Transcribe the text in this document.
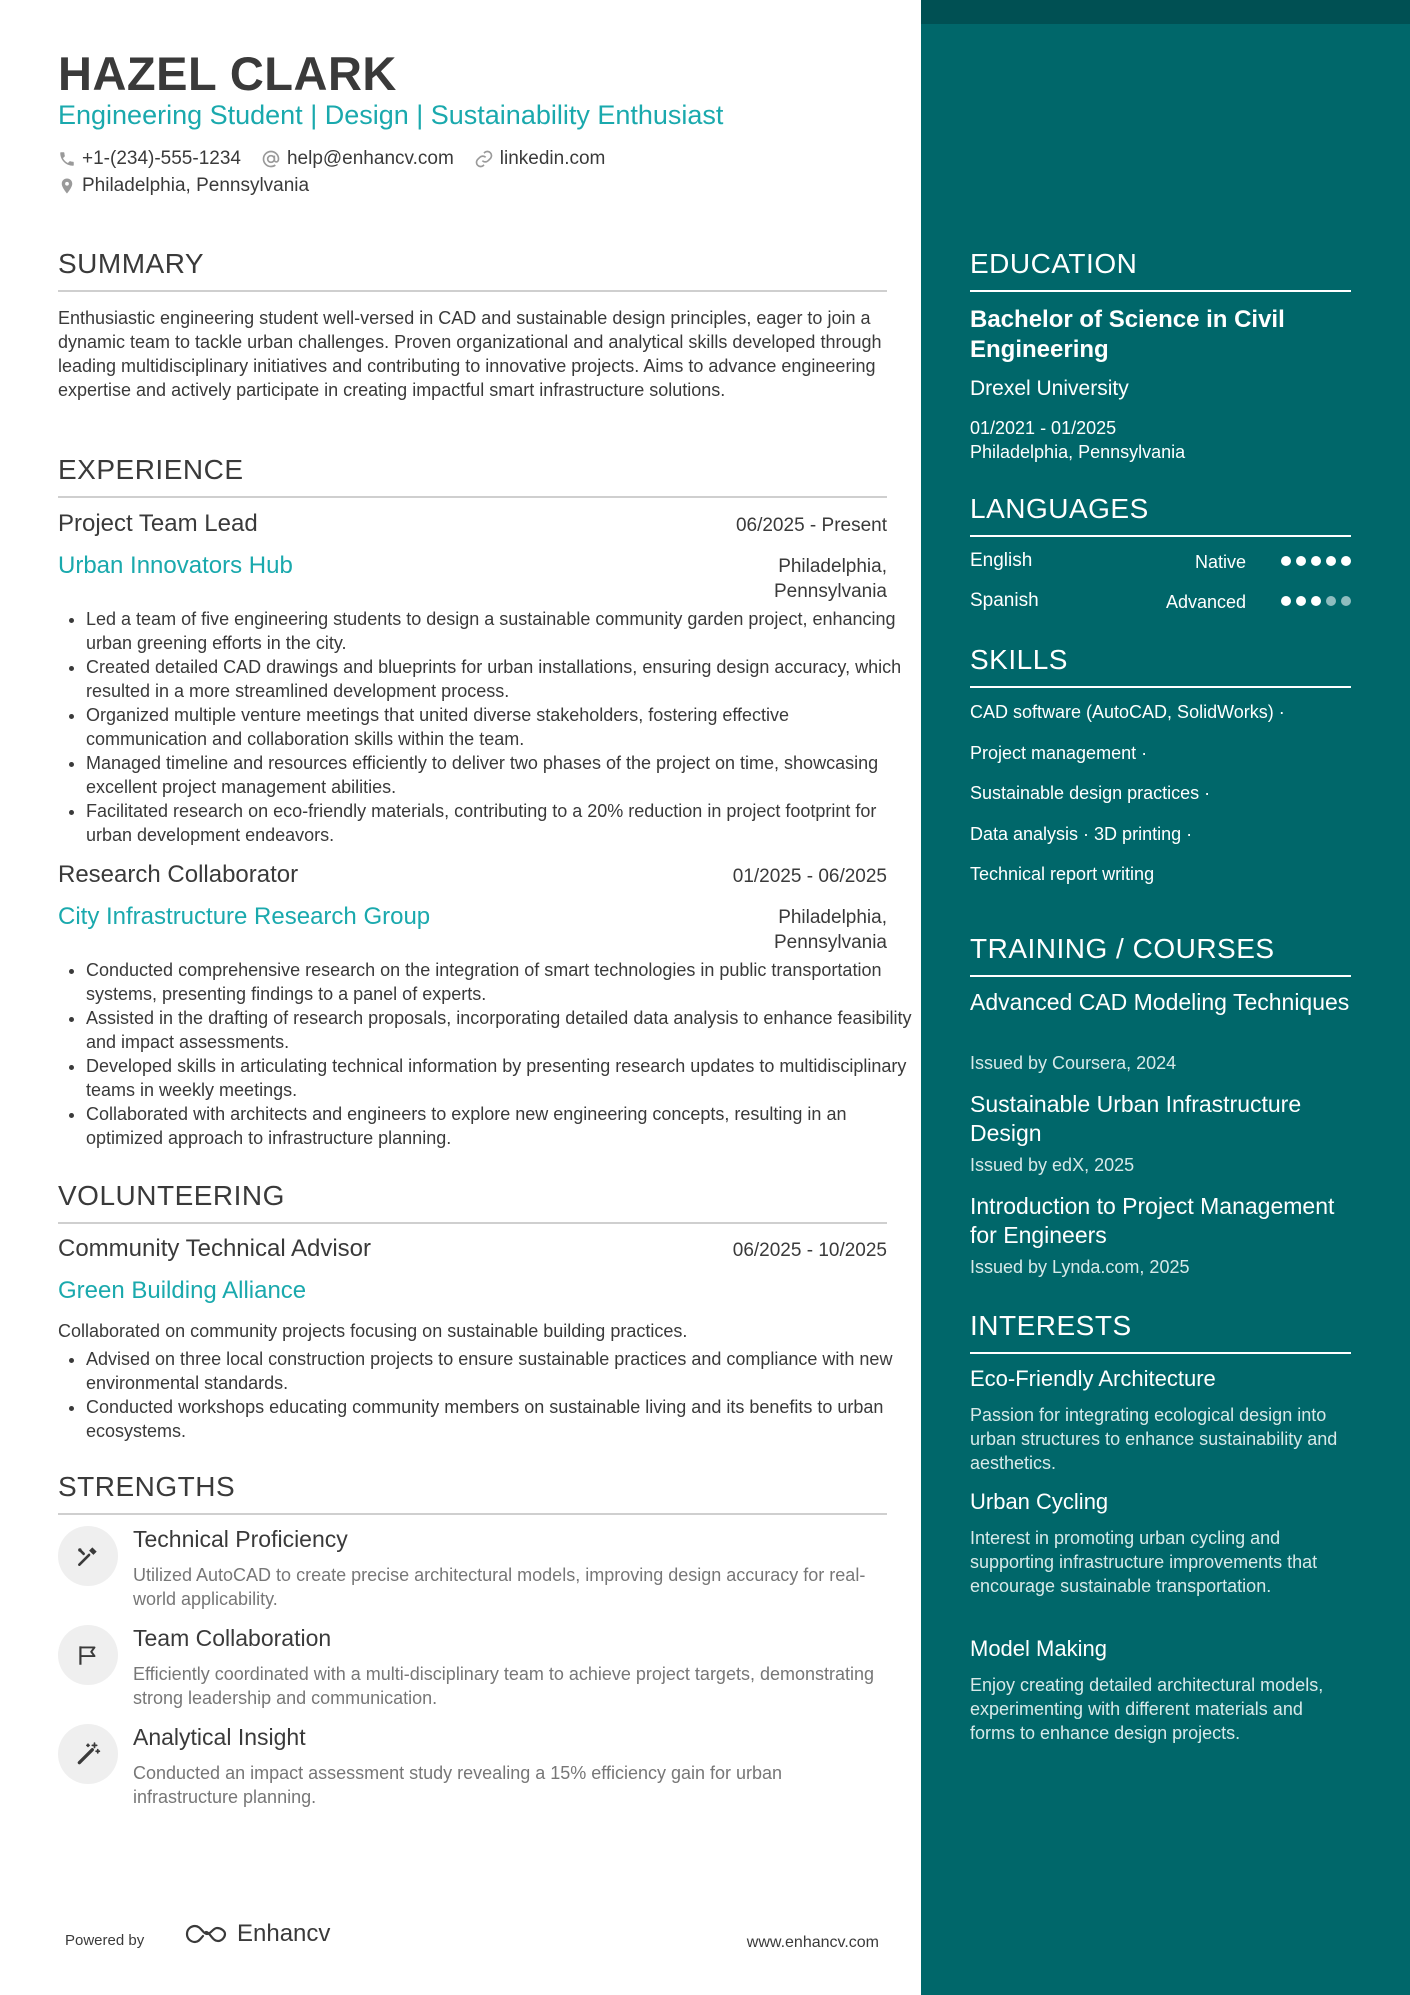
HAZEL CLARK
Engineering Student | Design | Sustainability Enthusiast
+1-(234)-555-1234 help@enhancv.com linkedin.com
Philadelphia, Pennsylvania
SUMMARY
Enthusiastic engineering student well-versed in CAD and sustainable design principles, eager to join a dynamic team to tackle urban challenges. Proven organizational and analytical skills developed through leading multidisciplinary initiatives and contributing to innovative projects. Aims to advance engineering expertise and actively participate in creating impactful smart infrastructure solutions.
EXPERIENCE
Project Team Lead	06/2025 - Present
Urban Innovators Hub	Philadelphia,
Pennsylvania
• Led a team of five engineering students to design a sustainable community garden project, enhancing urban greening efforts in the city.
• Created detailed CAD drawings and blueprints for urban installations, ensuring design accuracy, which resulted in a more streamlined development process.
• Organized multiple venture meetings that united diverse stakeholders, fostering effective communication and collaboration skills within the team.
• Managed timeline and resources efficiently to deliver two phases of the project on time, showcasing excellent project management abilities.
• Facilitated research on eco-friendly materials, contributing to a 20% reduction in project footprint for urban development endeavors.
Research Collaborator	01/2025 - 06/2025
City Infrastructure Research Group	Philadelphia,
Pennsylvania
• Conducted comprehensive research on the integration of smart technologies in public transportation systems, presenting findings to a panel of experts.
• Assisted in the drafting of research proposals, incorporating detailed data analysis to enhance feasibility and impact assessments.
• Developed skills in articulating technical information by presenting research updates to multidisciplinary teams in weekly meetings.
• Collaborated with architects and engineers to explore new engineering concepts, resulting in an optimized approach to infrastructure planning.
VOLUNTEERING
Community Technical Advisor	06/2025 - 10/2025
Green Building Alliance
Collaborated on community projects focusing on sustainable building practices.
• Advised on three local construction projects to ensure sustainable practices and compliance with new environmental standards.
• Conducted workshops educating community members on sustainable living and its benefits to urban ecosystems.
STRENGTHS
Technical Proficiency
Utilized AutoCAD to create precise architectural models, improving design accuracy for real-world applicability.
Team Collaboration
Efficiently coordinated with a multi-disciplinary team to achieve project targets, demonstrating strong leadership and communication.
Analytical Insight
Conducted an impact assessment study revealing a 15% efficiency gain for urban infrastructure planning.
Powered by	Enhancv	www.enhancv.com
EDUCATION
Bachelor of Science in Civil Engineering
Drexel University
01/2021 - 01/2025
Philadelphia, Pennsylvania
LANGUAGES
English	Native
Spanish	Advanced
SKILLS
CAD software (AutoCAD, SolidWorks) ·
Project management ·
Sustainable design practices ·
Data analysis · 3D printing ·
Technical report writing
TRAINING / COURSES
Advanced CAD Modeling Techniques
Issued by Coursera, 2024
Sustainable Urban Infrastructure Design
Issued by edX, 2025
Introduction to Project Management for Engineers
Issued by Lynda.com, 2025
INTERESTS
Eco-Friendly Architecture
Passion for integrating ecological design into urban structures to enhance sustainability and aesthetics.
Urban Cycling
Interest in promoting urban cycling and supporting infrastructure improvements that encourage sustainable transportation.
Model Making
Enjoy creating detailed architectural models, experimenting with different materials and forms to enhance design projects.
